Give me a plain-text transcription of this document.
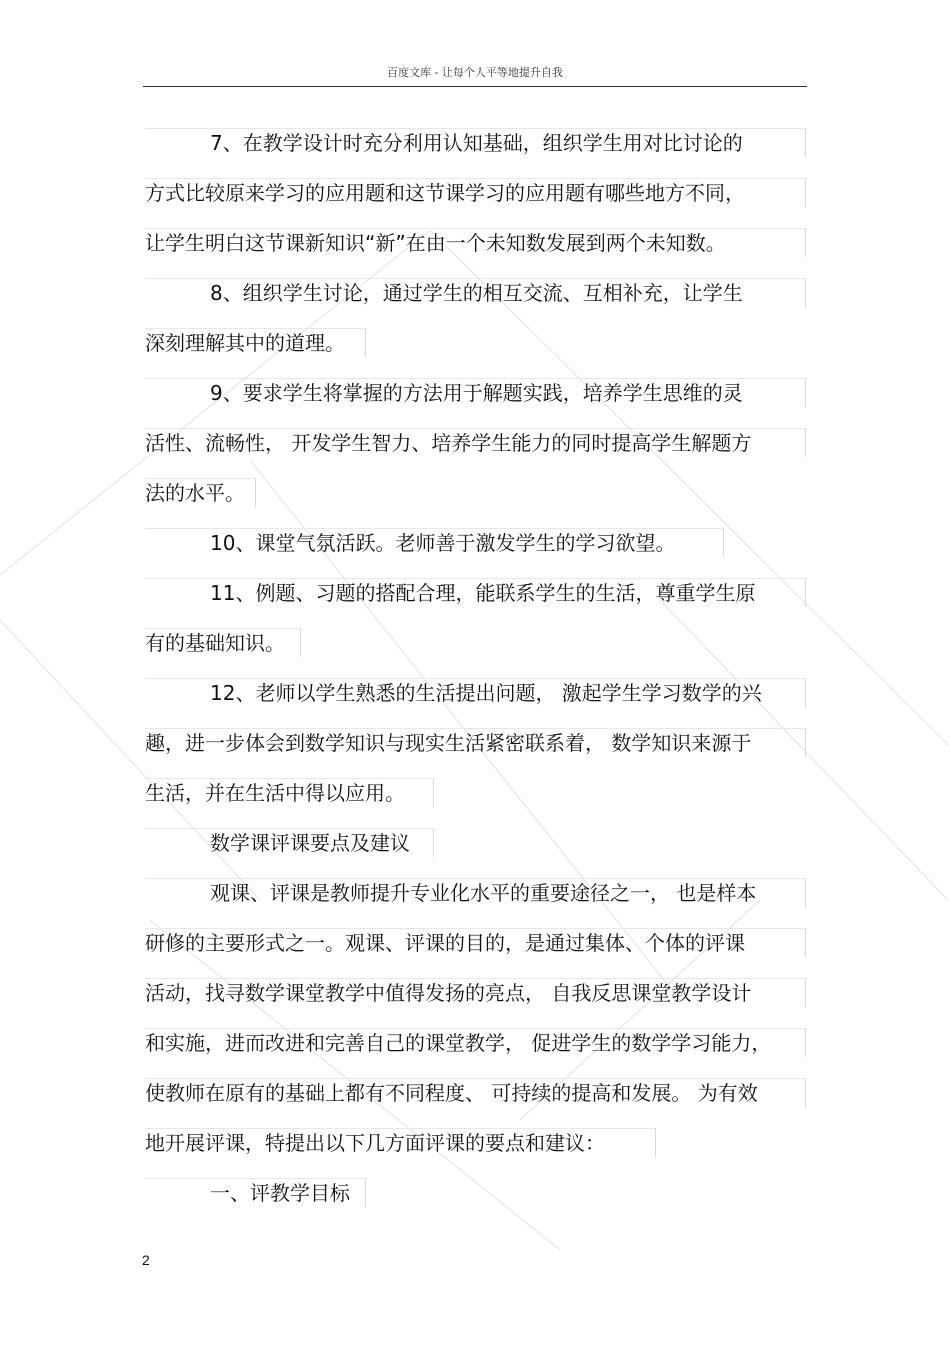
百度文库 - 让每个人平等地提升自我
7、在教学设计时充分利用认知基础，组织学生用对比讨论的
方式比较原来学习的应用题和这节课学习的应用题有哪些地方不同，
让学生明白这节课新知识“新”在由一个未知数发展到两个未知数。
8、组织学生讨论，通过学生的相互交流、互相补充，让学生
深刻理解其中的道理。
9、要求学生将掌握的方法用于解题实践，培养学生思维的灵
活性、流畅性， 开发学生智力、培养学生能力的同时提高学生解题方
法的水平。
10、课堂气氛活跃。老师善于激发学生的学习欲望。
11、例题、习题的搭配合理，能联系学生的生活，尊重学生原
有的基础知识。
12、老师以学生熟悉的生活提出问题， 激起学生学习数学的兴
趣，进一步体会到数学知识与现实生活紧密联系着， 数学知识来源于
生活，并在生活中得以应用。
数学课评课要点及建议
观课、评课是教师提升专业化水平的重要途径之一， 也是样本
研修的主要形式之一。观课、评课的目的，是通过集体、个体的评课
活动，找寻数学课堂教学中值得发扬的亮点， 自我反思课堂教学设计
和实施，进而改进和完善自己的课堂教学， 促进学生的数学学习能力，
使教师在原有的基础上都有不同程度、 可持续的提高和发展。 为有效
地开展评课，特提出以下几方面评课的要点和建议：
一、评教学目标
2
